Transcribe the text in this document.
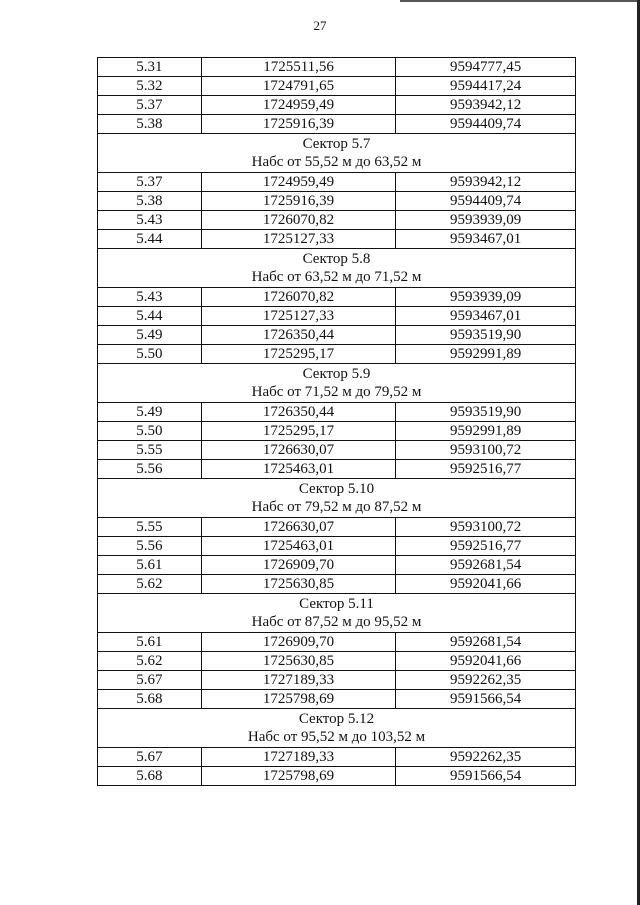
27
5.31	1725511,56	9594777,45
5.32	1724791,65	9594417,24
5.37	1724959,49	9593942,12
5.38	1725916,39	9594409,74

Сектор 5.7
Набс от 55,52 м до 63,52 м		

5.37	1724959,49	9593942,12
5.38	1725916,39	9594409,74
5.43	1726070,82	9593939,09
5.44	1725127,33	9593467,01

Сектор 5.8
Набс от 63,52 м до 71,52 м		

5.43	1726070,82	9593939,09
5.44	1725127,33	9593467,01
5.49	1726350,44	9593519,90
5.50	1725295,17	9592991,89

Сектор 5.9
Набс от 71,52 м до 79,52 м		

5.49	1726350,44	9593519,90
5.50	1725295,17	9592991,89
5.55	1726630,07	9593100,72
5.56	1725463,01	9592516,77

Сектор 5.10
Набс от 79,52 м до 87,52 м		

5.55	1726630,07	9593100,72
5.56	1725463,01	9592516,77
5.61	1726909,70	9592681,54
5.62	1725630,85	9592041,66

Сектор 5.11
Набс от 87,52 м до 95,52 м		

5.61	1726909,70	9592681,54
5.62	1725630,85	9592041,66
5.67	1727189,33	9592262,35
5.68	1725798,69	9591566,54

Сектор 5.12
Набс от 95,52 м до 103,52 м		

5.67	1727189,33	9592262,35
5.68	1725798,69	9591566,54
